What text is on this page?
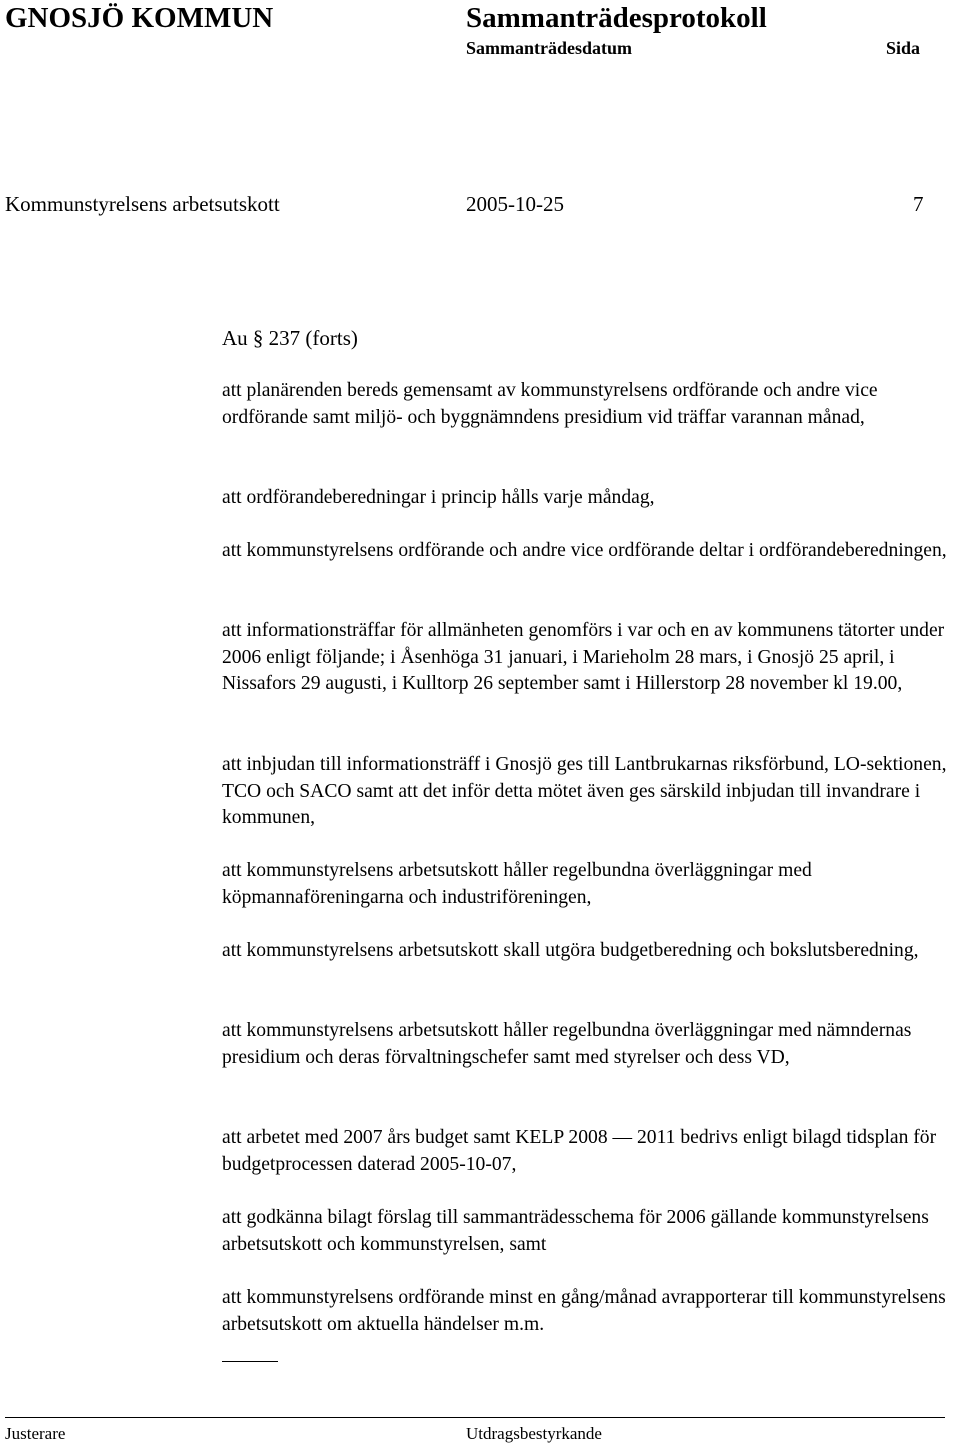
GNOSJÖ KOMMUN	Sammanträdesprotokoll
Sammanträdesdatum	Sida
Kommunstyrelsens arbetsutskott	2005-10-25	7
Au § 237 (forts)
att planärenden bereds gemensamt av kommunstyrelsens ordförande och andre vice ordförande samt miljö- och byggnämndens presidium vid träffar varannan månad,
att ordförandeberedningar i princip hålls varje måndag,
att kommunstyrelsens ordförande och andre vice ordförande deltar i ordförandeberedningen,
att informationsträffar för allmänheten genomförs i var och en av kommunens tätorter under 2006 enligt följande; i Åsenhöga 31 januari, i Marieholm 28 mars, i Gnosjö 25 april, i Nissafors 29 augusti, i Kulltorp 26 september samt i Hillerstorp 28 november kl 19.00,
att inbjudan till informationsträff i Gnosjö ges till Lantbrukarnas riksförbund, LO-sektionen, TCO och SACO samt att det inför detta mötet även ges särskild inbjudan till invandrare i kommunen,
att kommunstyrelsens arbetsutskott håller regelbundna överläggningar med köpmannaföreningarna och industriföreningen,
att kommunstyrelsens arbetsutskott skall utgöra budgetberedning och bokslutsberedning,
att kommunstyrelsens arbetsutskott håller regelbundna överläggningar med nämndernas presidium och deras förvaltningschefer samt med styrelser och dess VD,
att arbetet med 2007 års budget samt KELP 2008 — 2011 bedrivs enligt bilagd tidsplan för budgetprocessen daterad 2005-10-07,
att godkänna bilagt förslag till sammanträdesschema för 2006 gällande kommunstyrelsens arbetsutskott och kommunstyrelsen, samt
att kommunstyrelsens ordförande minst en gång/månad avrapporterar till kommunstyrelsens arbetsutskott om aktuella händelser m.m.
Justerare	Utdragsbestyrkande
